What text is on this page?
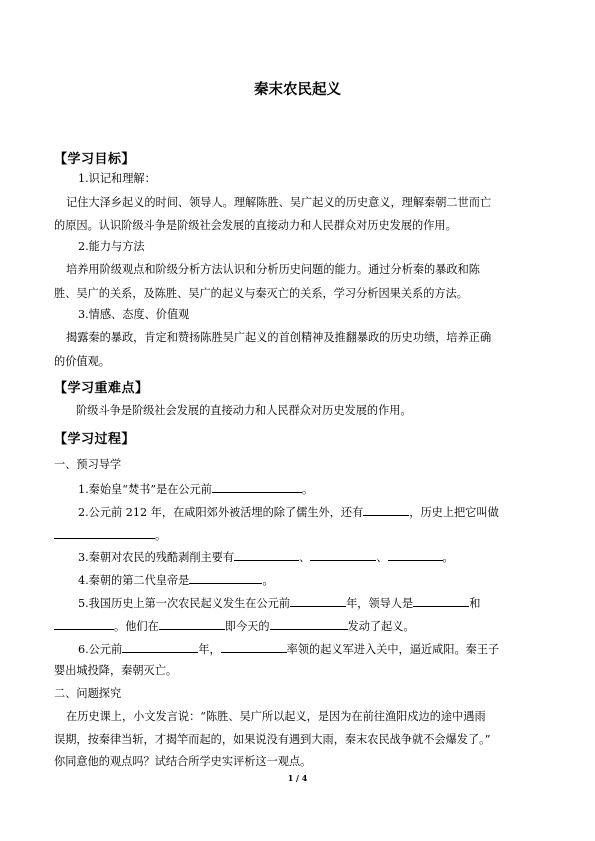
秦末农民起义
【学习目标】
1.识记和理解：
记住大泽乡起义的时间、领导人。理解陈胜、吴广起义的历史意义，理解秦朝二世而亡
的原因。认识阶级斗争是阶级社会发展的直接动力和人民群众对历史发展的作用。
2.能力与方法
培养用阶级观点和阶级分析方法认识和分析历史问题的能力。通过分析秦的暴政和陈
胜、吴广的关系，及陈胜、吴广的起义与秦灭亡的关系，学习分析因果关系的方法。
3.情感、态度、价值观
揭露秦的暴政，肯定和赞扬陈胜吴广起义的首创精神及推翻暴政的历史功绩，培养正确
的价值观。
【学习重难点】
阶级斗争是阶级社会发展的直接动力和人民群众对历史发展的作用。
【学习过程】
一、预习导学
1.秦始皇“焚书”是在公元前	。
2.公元前 212 年，在咸阳郊外被活埋的除了儒生外，还有	，历史上把它叫做
。
3.秦朝对农民的残酷剥削主要有	、	、	。
4.秦朝的第二代皇帝是	。
5.我国历史上第一次农民起义发生在公元前	年，领导人是	和
。他们在	即今天的	发动了起义。
6.公元前	年，	率领的起义军进入关中，逼近咸阳。秦王子
婴出城投降，秦朝灭亡。
二、问题探究
在历史课上，小文发言说：“陈胜、吴广所以起义，是因为在前往渔阳戍边的途中遇雨
误期，按秦律当斩，才揭竿而起的，如果说没有遇到大雨，秦末农民战争就不会爆发了。”
你同意他的观点吗？试结合所学史实评析这一观点。
1 / 4
